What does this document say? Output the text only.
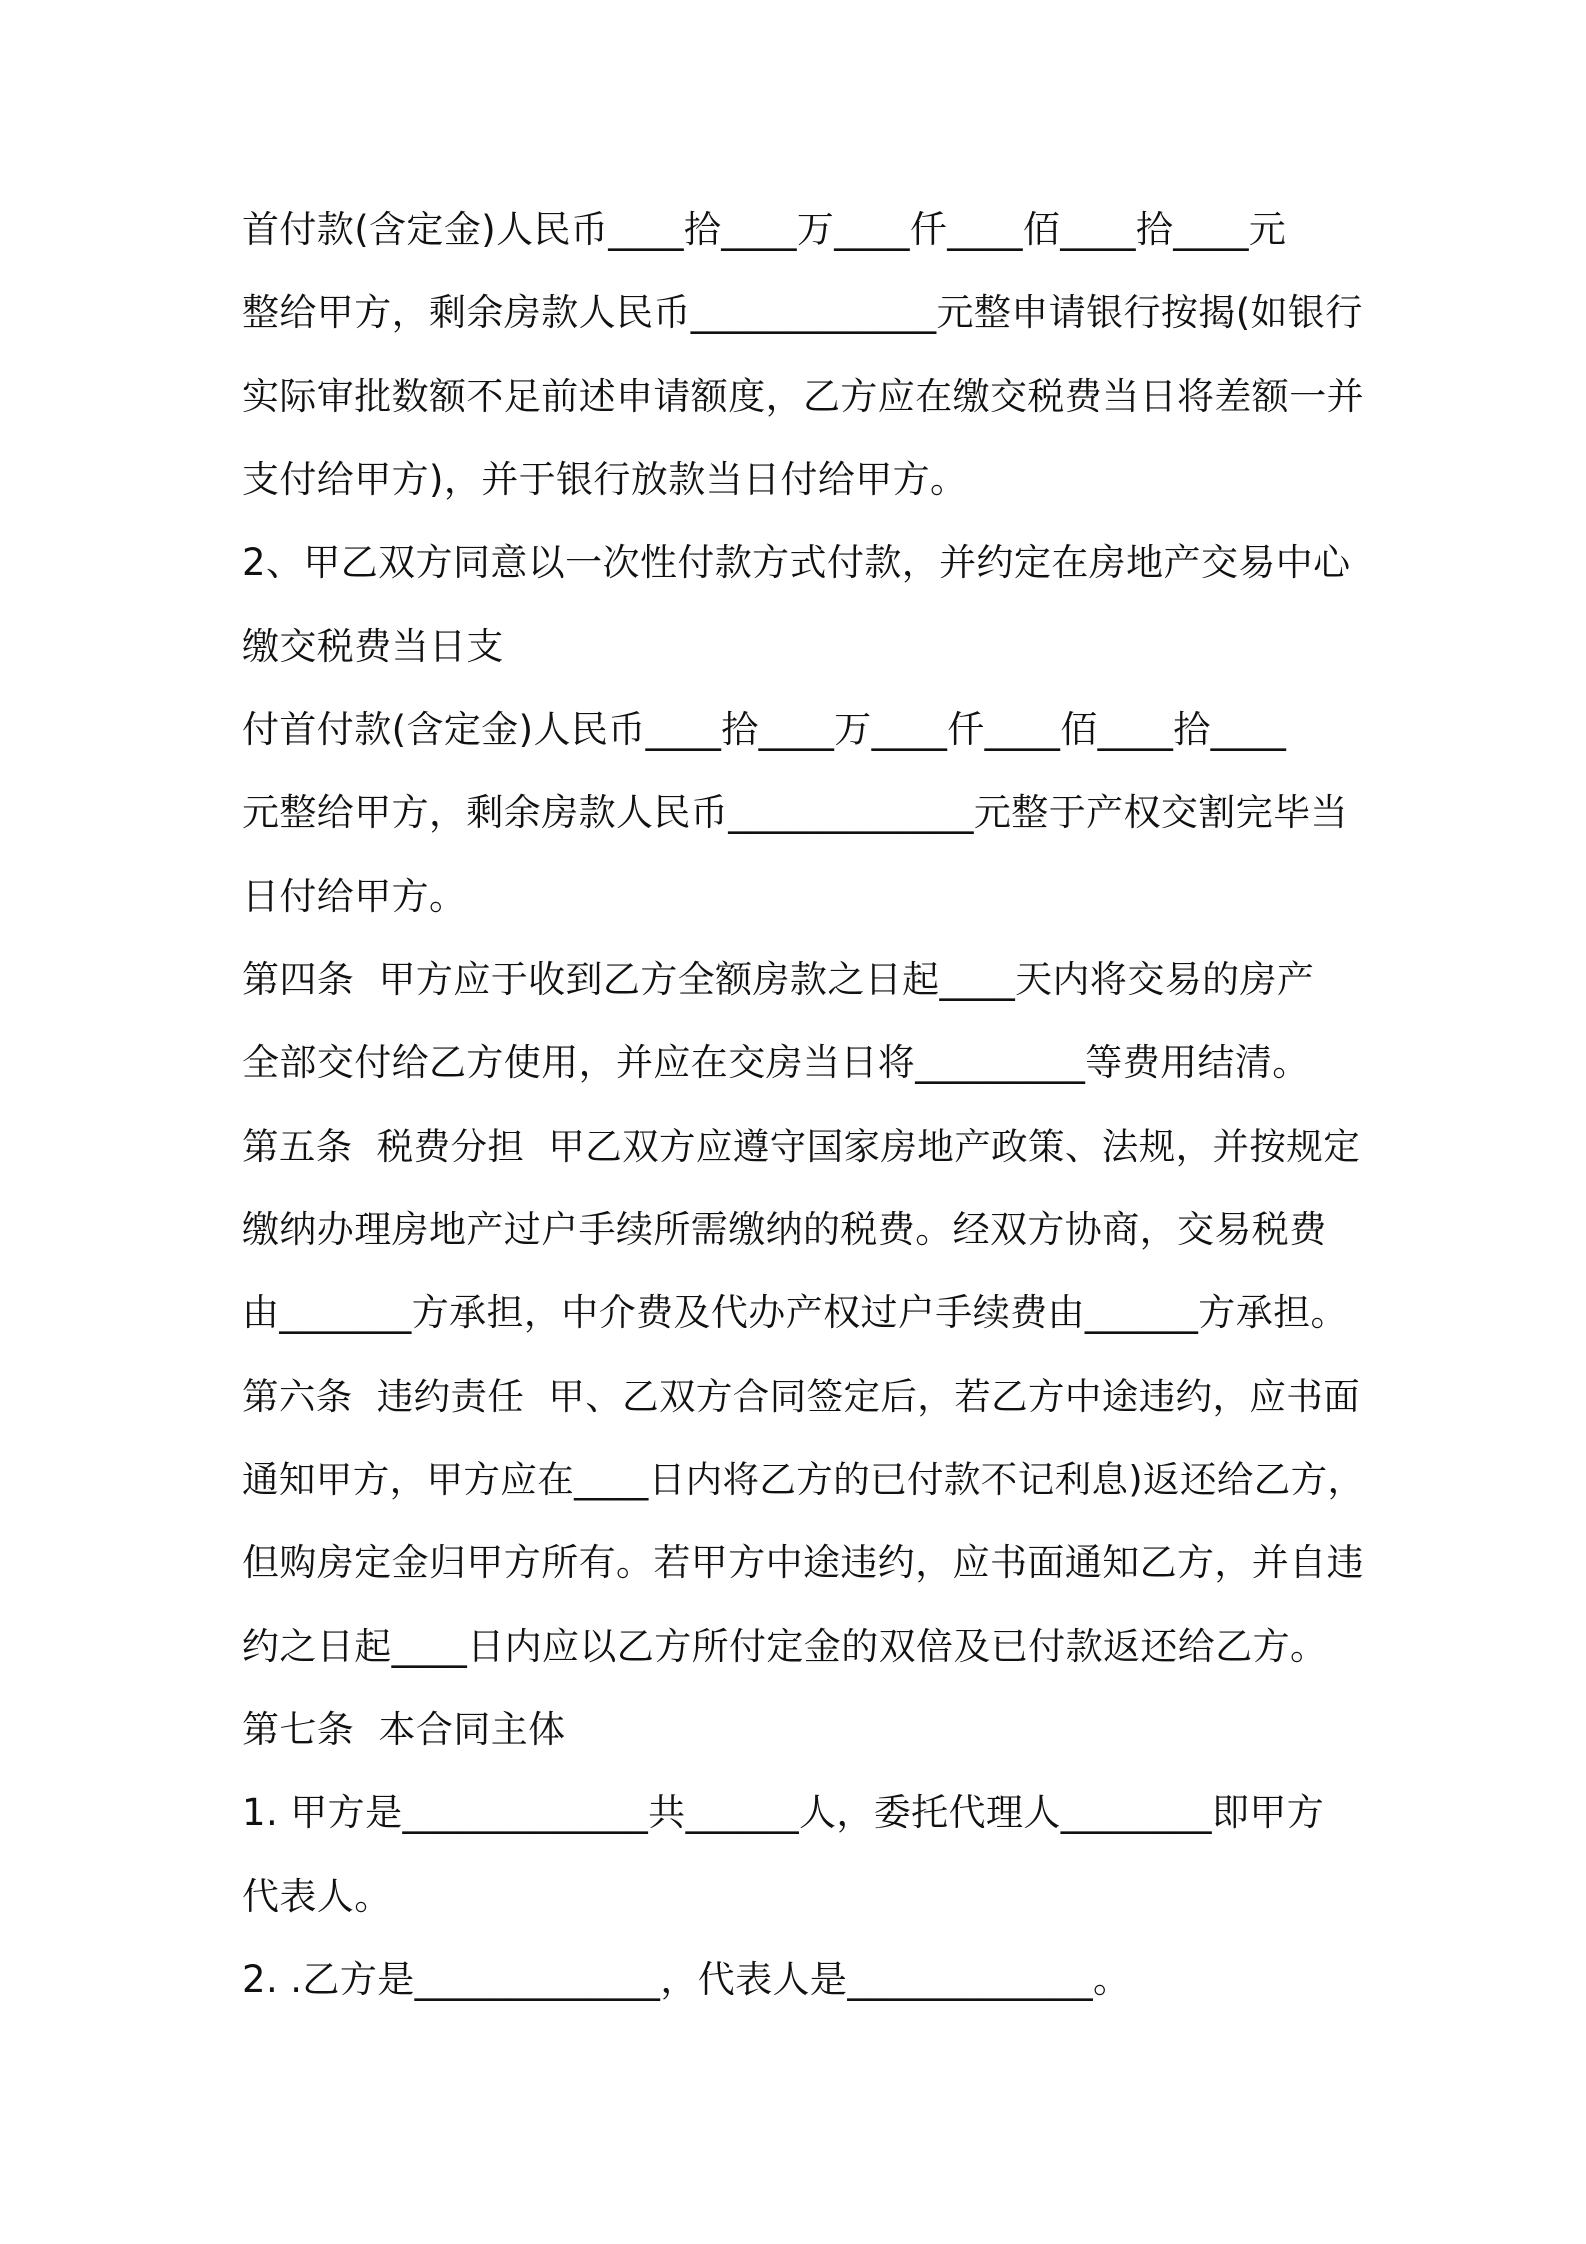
首付款(含定金)人民币____拾____万____仟____佰____拾____元
整给甲方，剩余房款人民币_____________元整申请银行按揭(如银行
实际审批数额不足前述申请额度，乙方应在缴交税费当日将差额一并
支付给甲方)，并于银行放款当日付给甲方。
2、甲乙双方同意以一次性付款方式付款，并约定在房地产交易中心
缴交税费当日支
付首付款(含定金)人民币____拾____万____仟____佰____拾____
元整给甲方，剩余房款人民币_____________元整于产权交割完毕当
日付给甲方。
第四条  甲方应于收到乙方全额房款之日起____天内将交易的房产
全部交付给乙方使用，并应在交房当日将_________等费用结清。
第五条  税费分担  甲乙双方应遵守国家房地产政策、法规，并按规定
缴纳办理房地产过户手续所需缴纳的税费。经双方协商，交易税费
由_______方承担，中介费及代办产权过户手续费由______方承担。
第六条  违约责任  甲、乙双方合同签定后，若乙方中途违约，应书面
通知甲方，甲方应在____日内将乙方的已付款不记利息)返还给乙方，
但购房定金归甲方所有。若甲方中途违约，应书面通知乙方，并自违
约之日起____日内应以乙方所付定金的双倍及已付款返还给乙方。
第七条  本合同主体
1. 甲方是_____________共______人，委托代理人________即甲方
代表人。
2. .乙方是_____________，代表人是_____________。
